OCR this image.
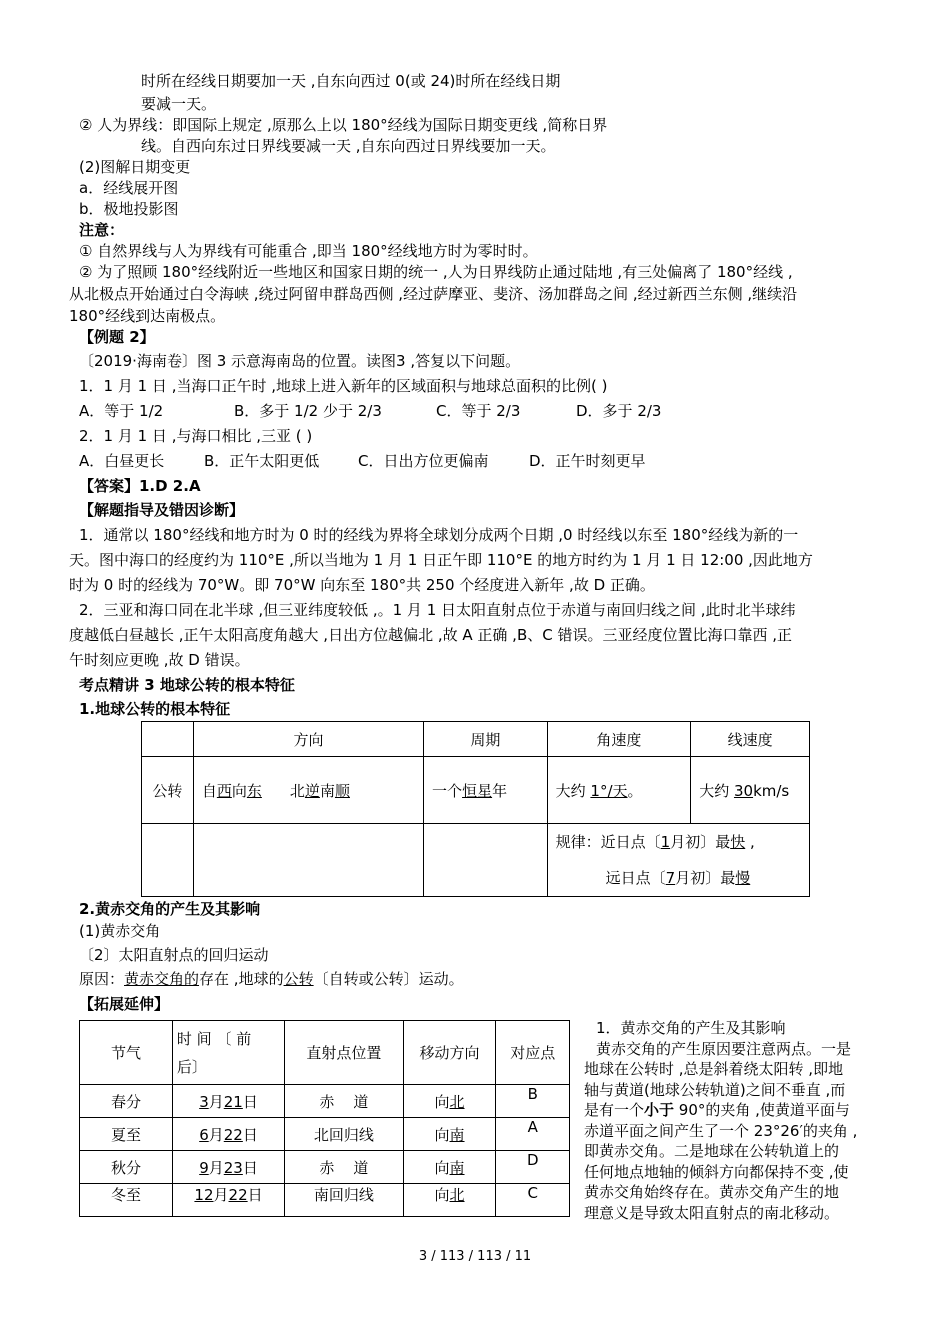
时所在经线日期要加一天 ,自东向西过 0(或 24)时所在经线日期
要减一天。
② 人为界线：即国际上规定 ,原那么上以 180°经线为国际日期变更线 ,简称日界
线。自西向东过日界线要减一天 ,自东向西过日界线要加一天。
(2)图解日期变更
a．经线展开图
b．极地投影图
注意：
① 自然界线与人为界线有可能重合 ,即当 180°经线地方时为零时时。
② 为了照顾 180°经线附近一些地区和国家日期的统一 ,人为日界线防止通过陆地 ,有三处偏离了 180°经线 ,
从北极点开始通过白令海峡 ,绕过阿留申群岛西侧 ,经过萨摩亚、斐济、汤加群岛之间 ,经过新西兰东侧 ,继续沿
180°经线到达南极点。
【例题 2】
〔2019·海南卷〕图 3 示意海南岛的位置。读图3 ,答复以下问题。
1．1 月 1 日 ,当海口正午时 ,地球上进入新年的区域面积与地球总面积的比例( )
A．等于 1/2	B．多于 1/2 少于 2/3	C．等于 2/3	D．多于 2/3
2．1 月 1 日 ,与海口相比 ,三亚 ( )
A．白昼更长	B．正午太阳更低	C．日出方位更偏南	D．正午时刻更早
【答案】1.D 2.A
【解题指导及错因诊断】
1．通常以 180°经线和地方时为 0 时的经线为界将全球划分成两个日期 ,0 时经线以东至 180°经线为新的一
天。图中海口的经度约为 110°E ,所以当地为 1 月 1 日正午即 110°E 的地方时约为 1 月 1 日 12:00 ,因此地方
时为 0 时的经线为 70°W。即 70°W 向东至 180°共 250 个经度进入新年 ,故 D 正确。
2．三亚和海口同在北半球 ,但三亚纬度较低 ,。1 月 1 日太阳直射点位于赤道与南回归线之间 ,此时北半球纬
度越低白昼越长 ,正午太阳高度角越大 ,日出方位越偏北 ,故 A 正确 ,B、C 错误。三亚经度位置比海口靠西 ,正
午时刻应更晚 ,故 D 错误。
考点精讲 3 地球公转的根本特征
1.地球公转的根本特征
	方向	周期	角速度	线速度
公转	自西向东 北逆南顺	一个恒星年	大约 1°/天。	大约 30km/s

			规律：近日点〔1月初〕最快 ,
远日点〔7月初〕最慢	
2.黄赤交角的产生及其影响
(1)黄赤交角
〔2〕太阳直射点的回归运动
原因：黄赤交角的存在 ,地球的公转〔自转或公转〕运动。
【拓展延伸】
节气	时 间 〔 前
后〕	直射点位置	移动方向	对应点
春分	3月21日	赤    道	向北	B
夏至	6月22日	北回归线	向南	A
秋分	9月23日	赤    道	向南	D
冬至	12月22日	南回归线	向北	C
1．黄赤交角的产生及其影响
黄赤交角的产生原因要注意两点。一是
地球在公转时 ,总是斜着绕太阳转 ,即地
轴与黄道(地球公转轨道)之间不垂直 ,而
是有一个小于 90°的夹角 ,使黄道平面与
赤道平面之间产生了一个 23°26′的夹角 ,
即黄赤交角。二是地球在公转轨道上的
任何地点地轴的倾斜方向都保持不变 ,使
黄赤交角始终存在。黄赤交角产生的地
理意义是导致太阳直射点的南北移动。
3 / 113 / 113 / 11
